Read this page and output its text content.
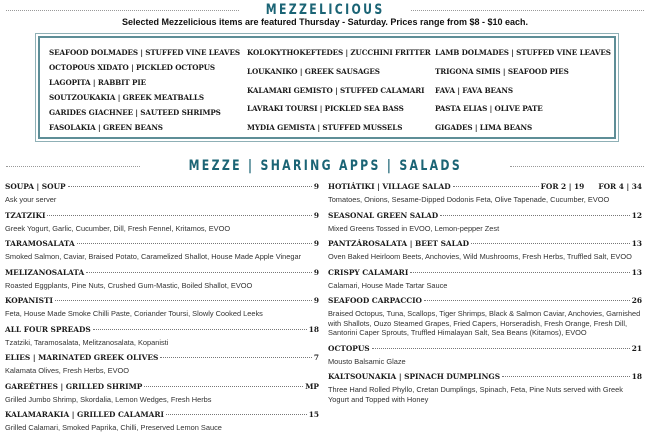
MEZZELICIOUS
Selected Mezzelicious items are featured Thursday - Saturday. Prices range from $8 - $10 each.
SEAFOOD DOLMADES | STUFFED VINE LEAVES
OCTOPOUS XIDATO | PICKLED OCTOPUS
LAGOPITA | RABBIT PIE
SOUTZOUKAKIA | GREEK MEATBALLS
GARIDES GIACHNEE | SAUTEED SHRIMPS
FASOLAKIA | GREEN BEANS
KOLOKYTHOKEFTEDES | ZUCCHINI FRITTER
LOUKANIKO | GREEK SAUSAGES
KALAMARI GEMISTO | STUFFED CALAMARI
LAVRAKI TOURSI | PICKLED SEA BASS
MYDIA GEMISTA | STUFFED MUSSELS
LAMB DOLMADES | STUFFED VINE LEAVES
TRIGONA SIMIS | SEAFOOD PIES
FAVA | FAVA BEANS
PASTA ELIAS | OLIVE PATE
GIGADES | LIMA BEANS
MEZZE | SHARING APPS | SALADS
SOUPA | SOUP	9
Ask your server
TZATZIKI	9
Greek Yogurt, Garlic, Cucumber, Dill, Fresh Fennel, Kritamos, EVOO
TARAMOSALATA	9
Smoked Salmon, Caviar, Braised Potato, Caramelized Shallot, House Made Apple Vinegar
MELIZANOSALATA	9
Roasted Eggplants, Pine Nuts, Crushed Gum-Mastic, Boiled Shallot, EVOO
KOPANISTI	9
Feta, House Made Smoke Chilli Paste, Coriander Toursi, Slowly Cooked Leeks
ALL FOUR SPREADS	18
Tzatziki, Taramosalata, Melitzanosalata, Kopanisti
ELIES | MARINATED GREEK OLIVES	7
Kalamata Olives, Fresh Herbs, EVOO
GAREÉTHES | GRILLED SHRIMP	MP
Grilled Jumbo Shrimp, Skordalia, Lemon Wedges, Fresh Herbs
KALAMARAKIA | GRILLED CALAMARI	15
Grilled Calamari, Smoked Paprika, Chilli, Preserved Lemon Sauce
HOTIÁTIKI | VILLAGE SALAD	FOR 2 | 19 FOR 4 | 34
Tomatoes, Onions, Sesame-Dipped Dodonis Feta, Olive Tapenade, Cucumber, EVOO
SEASONAL GREEN SALAD	12
Mixed Greens Tossed in EVOO, Lemon-pepper Zest
PANTZÁROSALATA | BEET SALAD	13
Oven Baked Heirloom Beets, Anchovies, Wild Mushrooms, Fresh Herbs, Truffled Salt, EVOO
CRISPY CALAMARI	13
Calamari, House Made Tartar Sauce
SEAFOOD CARPACCIO	26
Braised Octopus, Tuna, Scallops, Tiger Shrimps, Black & Salmon Caviar, Anchovies, Garnished with Shallots, Ouzo Steamed Grapes, Fried Capers, Horseradish, Fresh Orange, Fresh Dill, Santorini Caper Sprouts, Truffled Himalayan Salt, Sea Beans (Kitamos), EVOO
OCTOPUS	21
Mousto Balsamic Glaze
KALTSOUNAKIA | SPINACH DUMPLINGS	18
Three Hand Rolled Phyllo, Cretan Dumplings, Spinach, Feta, Pine Nuts served with Greek Yogurt and Topped with Honey
